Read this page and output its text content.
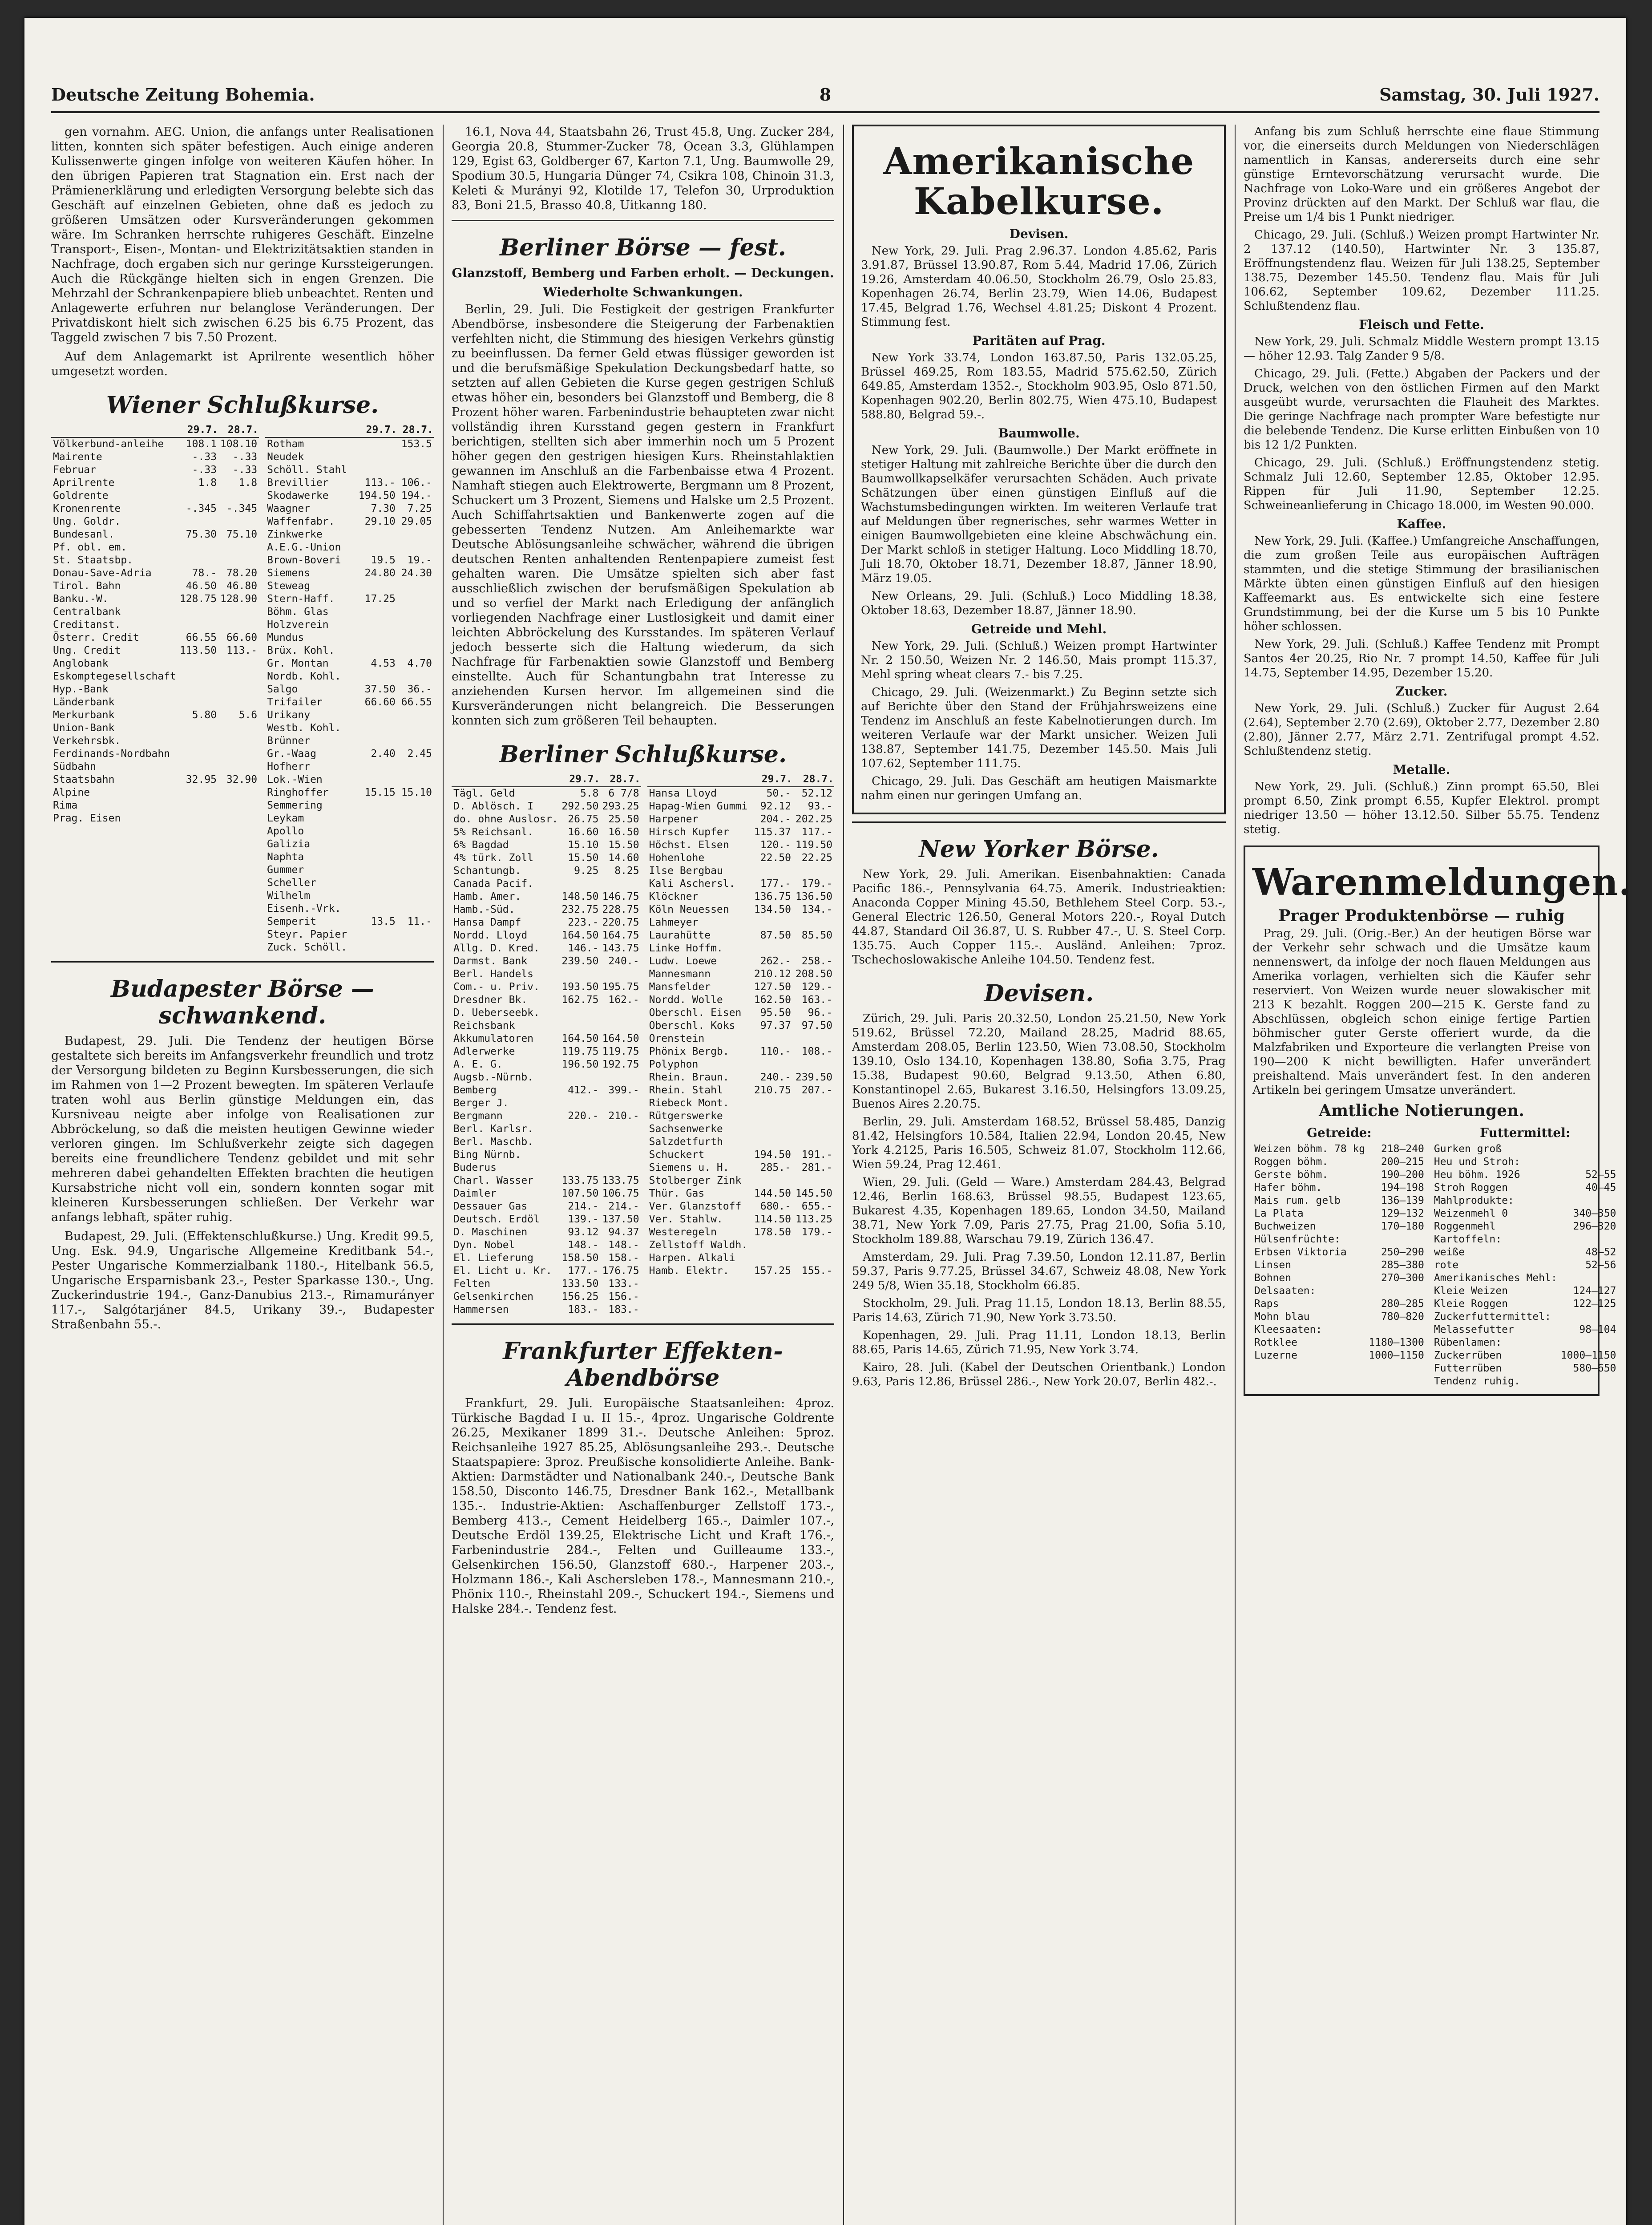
Deutsche Zeitung Bohemia.	8	Samstag, 30. Juli 1927.

gen vornahm. AEG. Union, die anfangs unter Realisationen litten, konnten sich später befestigen. Auch einige anderen Kulissenwerte gingen infolge von weiteren Käufen höher. In den übrigen Papieren trat Stagnation ein. Erst nach der Prämienerklärung und erledigten Versorgung belebte sich das Geschäft auf einzelnen Gebieten, ohne daß es jedoch zu größeren Umsätzen oder Kursveränderungen gekommen wäre. Im Schranken herrschte ruhigeres Geschäft. Einzelne Transport-, Eisen-, Montan- und Elektrizitätsaktien standen in Nachfrage, doch ergaben sich nur geringe Kurssteigerungen. Auch die Rückgänge hielten sich in engen Grenzen. Die Mehrzahl der Schrankenpapiere blieb unbeachtet. Renten und Anlagewerte erfuhren nur belanglose Veränderungen. Der Privatdiskont hielt sich zwischen 6.25 bis 6.75 Prozent, das Taggeld zwischen 7 bis 7.50 Prozent.

Auf dem Anlagemarkt ist Aprilrente wesentlich höher umgesetzt worden.

Wiener Schlußkurse.
	29.7.	28.7.
Völkerbund-anleihe	108.1	108.10
Mairente	-.33	-.33
Februar	-.33	-.33
Aprilrente	1.8	1.8
Goldrente		
Kronenrente	-.345	-.345
Ung. Goldr.		
Bundesanl.	75.30	75.10
Pf. obl. em.		
St. Staatsbp.		
Donau-Save-Adria	78.-	78.20
Tirol. Bahn	46.50	46.80
Banku.-W.	128.75	128.90
Centralbank		
Creditanst.		
Österr. Credit	66.55	66.60
Ung. Credit	113.50	113.-
Anglobank		
Eskomptegesellschaft		
Hyp.-Bank		
Länderbank		
Merkurbank	5.80	5.6
Union-Bank		
Verkehrsbk.		
Ferdinands-Nordbahn		
Südbahn		
Staatsbahn	32.95	32.90
Alpine		
Rima		
Prag. Eisen		
	29.7.	28.7.
Rotham		153.5
Neudek		
Schöll. Stahl		
Brevillier	113.-	106.-
Skodawerke	194.50	194.-
Waagner	7.30	7.25
Waffenfabr.	29.10	29.05
Zinkwerke		
A.E.G.-Union		
Brown-Boveri	19.5	19.-
Siemens	24.80	24.30
Steweag		
Stern-Haff.	17.25	
Böhm. Glas		
Holzverein		
Mundus		
Brüx. Kohl.		
Gr. Montan	4.53	4.70
Nordb. Kohl.		
Salgo	37.50	36.-
Trifailer	66.60	66.55
Urikany		
Westb. Kohl.		
Brünner		
Gr.-Waag	2.40	2.45
Hofherr		
Lok.-Wien		
Ringhoffer	15.15	15.10
Semmering		
Leykam		
Apollo		
Galizia		
Naphta		
Gummer		
Scheller		
Wilhelm		
Eisenh.-Vrk.		
Semperit	13.5	11.-
Steyr. Papier		
Zuck. Schöll.		
Budapester Börse — schwankend.

Budapest, 29. Juli. Die Tendenz der heutigen Börse gestaltete sich bereits im Anfangsverkehr freundlich und trotz der Versorgung bildeten zu Beginn Kursbesserungen, die sich im Rahmen von 1—2 Prozent bewegten. Im späteren Verlaufe traten wohl aus Berlin günstige Meldungen ein, das Kursniveau neigte aber infolge von Realisationen zur Abbröckelung, so daß die meisten heutigen Gewinne wieder verloren gingen. Im Schlußverkehr zeigte sich dagegen bereits eine freundlichere Tendenz gebildet und mit sehr mehreren dabei gehandelten Effekten brachten die heutigen Kursabstriche nicht voll ein, sondern konnten sogar mit kleineren Kursbesserungen schließen. Der Verkehr war anfangs lebhaft, später ruhig.

Budapest, 29. Juli. (Effektenschlußkurse.) Ung. Kredit 99.5, Ung. Esk. 94.9, Ungarische Allgemeine Kreditbank 54.-, Pester Ungarische Kommerzialbank 1180.-, Hitelbank 56.5, Ungarische Ersparnisbank 23.-, Pester Sparkasse 130.-, Ung. Zuckerindustrie 194.-, Ganz-Danubius 213.-, Rimamurányer 117.-, Salgótarjáner 84.5, Urikany 39.-, Budapester Straßenbahn 55.-.

16.1, Nova 44, Staatsbahn 26, Trust 45.8, Ung. Zucker 284, Georgia 20.8, Stummer-Zucker 78, Ocean 3.3, Glühlampen 129, Egist 63, Goldberger 67, Karton 7.1, Ung. Baumwolle 29, Spodium 30.5, Hungaria Dünger 74, Csikra 108, Chinoin 31.3, Keleti & Murányi 92, Klotilde 17, Telefon 30, Urproduktion 83, Boni 21.5, Brasso 40.8, Uitkanng 180.

Berliner Börse — fest.
Glanzstoff, Bemberg und Farben erholt. — Deckungen.
Wiederholte Schwankungen.

Berlin, 29. Juli. Die Festigkeit der gestrigen Frankfurter Abendbörse, insbesondere die Steigerung der Farbenaktien verfehlten nicht, die Stimmung des hiesigen Verkehrs günstig zu beeinflussen. Da ferner Geld etwas flüssiger geworden ist und die berufsmäßige Spekulation Deckungsbedarf hatte, so setzten auf allen Gebieten die Kurse gegen gestrigen Schluß etwas höher ein, besonders bei Glanzstoff und Bemberg, die 8 Prozent höher waren. Farbenindustrie behaupteten zwar nicht vollständig ihren Kursstand gegen gestern in Frankfurt berichtigen, stellten sich aber immerhin noch um 5 Prozent höher gegen den gestrigen hiesigen Kurs. Rheinstahlaktien gewannen im Anschluß an die Farbenbaisse etwa 4 Prozent. Namhaft stiegen auch Elektrowerte, Bergmann um 8 Prozent, Schuckert um 3 Prozent, Siemens und Halske um 2.5 Prozent. Auch Schiffahrtsaktien und Bankenwerte zogen auf die gebesserten Tendenz Nutzen. Am Anleihemarkte war Deutsche Ablösungsanleihe schwächer, während die übrigen deutschen Renten anhaltenden Rentenpapiere zumeist fest gehalten waren. Die Umsätze spielten sich aber fast ausschließlich zwischen der berufsmäßigen Spekulation ab und so verfiel der Markt nach Erledigung der anfänglich vorliegenden Nachfrage einer Lustlosigkeit und damit einer leichten Abbröckelung des Kursstandes. Im späteren Verlauf jedoch besserte sich die Haltung wiederum, da sich Nachfrage für Farbenaktien sowie Glanzstoff und Bemberg einstellte. Auch für Schantungbahn trat Interesse zu anziehenden Kursen hervor. Im allgemeinen sind die Kursveränderungen nicht belangreich. Die Besserungen konnten sich zum größeren Teil behaupten.

Berliner Schlußkurse.
	29.7.	28.7.
Tägl. Geld	5.8	6 7/8
D. Ablösch. I	292.50	293.25
do. ohne Auslosr.	26.75	25.50
5% Reichsanl.	16.60	16.50
6% Bagdad	15.10	15.50
4% türk. Zoll	15.50	14.60
Schantungb.	9.25	8.25
Canada Pacif.		
Hamb. Amer.	148.50	146.75
Hamb.-Süd.	232.75	228.75
Hansa Dampf	223.-	220.75
Nordd. Lloyd	164.50	164.75
Allg. D. Kred.	146.-	143.75
Darmst. Bank	239.50	240.-
Berl. Handels		
Com.- u. Priv.	193.50	195.75
Dresdner Bk.	162.75	162.-
D. Ueberseebk.		
Reichsbank		
Akkumulatoren	164.50	164.50
Adlerwerke	119.75	119.75
A. E. G.	196.50	192.75
Augsb.-Nürnb.		
Bemberg	412.-	399.-
Berger J.		
Bergmann	220.-	210.-
Berl. Karlsr.		
Berl. Maschb.		
Bing Nürnb.		
Buderus		
Charl. Wasser	133.75	133.75
Daimler	107.50	106.75
Dessauer Gas	214.-	214.-
Deutsch. Erdöl	139.-	137.50
D. Maschinen	93.12	94.37
Dyn. Nobel	148.-	148.-
El. Lieferung	158.50	158.-
El. Licht u. Kr.	177.-	176.75
Felten	133.50	133.-
Gelsenkirchen	156.25	156.-
Hammersen	183.-	183.-
	29.7.	28.7.
Hansa Lloyd	50.-	52.12
Hapag-Wien Gummi	92.12	93.-
Harpener	204.-	202.25
Hirsch Kupfer	115.37	117.-
Höchst. Elsen	120.-	119.50
Hohenlohe	22.50	22.25
Ilse Bergbau		
Kali Aschersl.	177.-	179.-
Klöckner	136.75	136.50
Köln Neuessen	134.50	134.-
Lahmeyer		
Laurahütte	87.50	85.50
Linke Hoffm.		
Ludw. Loewe	262.-	258.-
Mannesmann	210.12	208.50
Mansfelder	127.50	129.-
Nordd. Wolle	162.50	163.-
Oberschl. Eisen	95.50	96.-
Oberschl. Koks	97.37	97.50
Orenstein		
Phönix Bergb.	110.-	108.-
Polyphon		
Rhein. Braun.	240.-	239.50
Rhein. Stahl	210.75	207.-
Riebeck Mont.		
Rütgerswerke		
Sachsenwerke		
Salzdetfurth		
Schuckert	194.50	191.-
Siemens u. H.	285.-	281.-
Stolberger Zink		
Thür. Gas	144.50	145.50
Ver. Glanzstoff	680.-	655.-
Ver. Stahlw.	114.50	113.25
Westeregeln	178.50	179.-
Zellstoff Waldh.		
Harpen. Alkali		
Hamb. Elektr.	157.25	155.-
Frankfurter Effekten-Abendbörse

Frankfurt, 29. Juli. Europäische Staatsanleihen: 4proz. Türkische Bagdad I u. II 15.-, 4proz. Ungarische Goldrente 26.25, Mexikaner 1899 31.-. Deutsche Anleihen: 5proz. Reichsanleihe 1927 85.25, Ablösungsanleihe 293.-. Deutsche Staatspapiere: 3proz. Preußische konsolidierte Anleihe. Bank-Aktien: Darmstädter und Nationalbank 240.-, Deutsche Bank 158.50, Disconto 146.75, Dresdner Bank 162.-, Metallbank 135.-. Industrie-Aktien: Aschaffenburger Zellstoff 173.-, Bemberg 413.-, Cement Heidelberg 165.-, Daimler 107.-, Deutsche Erdöl 139.25, Elektrische Licht und Kraft 176.-, Farbenindustrie 284.-, Felten und Guilleaume 133.-, Gelsenkirchen 156.50, Glanzstoff 680.-, Harpener 203.-, Holzmann 186.-, Kali Aschersleben 178.-, Mannesmann 210.-, Phönix 110.-, Rheinstahl 209.-, Schuckert 194.-, Siemens und Halske 284.-. Tendenz fest.

Amerikanische Kabelkurse.
Devisen.

New York, 29. Juli. Prag 2.96.37. London 4.85.62, Paris 3.91.87, Brüssel 13.90.87, Rom 5.44, Madrid 17.06, Zürich 19.26, Amsterdam 40.06.50, Stockholm 26.79, Oslo 25.83, Kopenhagen 26.74, Berlin 23.79, Wien 14.06, Budapest 17.45, Belgrad 1.76, Wechsel 4.81.25; Diskont 4 Prozent. Stimmung fest.

Paritäten auf Prag.

New York 33.74, London 163.87.50, Paris 132.05.25, Brüssel 469.25, Rom 183.55, Madrid 575.62.50, Zürich 649.85, Amsterdam 1352.-, Stockholm 903.95, Oslo 871.50, Kopenhagen 902.20, Berlin 802.75, Wien 475.10, Budapest 588.80, Belgrad 59.-.

Baumwolle.

New York, 29. Juli. (Baumwolle.) Der Markt eröffnete in stetiger Haltung mit zahlreiche Berichte über die durch den Baumwollkapselkäfer verursachten Schäden. Auch private Schätzungen über einen günstigen Einfluß auf die Wachstumsbedingungen wirkten. Im weiteren Verlaufe trat auf Meldungen über regnerisches, sehr warmes Wetter in einigen Baumwollgebieten eine kleine Abschwächung ein. Der Markt schloß in stetiger Haltung. Loco Middling 18.70, Juli 18.70, Oktober 18.71, Dezember 18.87, Jänner 18.90, März 19.05.

New Orleans, 29. Juli. (Schluß.) Loco Middling 18.38, Oktober 18.63, Dezember 18.87, Jänner 18.90.

Getreide und Mehl.

New York, 29. Juli. (Schluß.) Weizen prompt Hartwinter Nr. 2 150.50, Weizen Nr. 2 146.50, Mais prompt 115.37, Mehl spring wheat clears 7.- bis 7.25.

Chicago, 29. Juli. (Weizenmarkt.) Zu Beginn setzte sich auf Berichte über den Stand der Frühjahrsweizens eine Tendenz im Anschluß an feste Kabelnotierungen durch. Im weiteren Verlaufe war der Markt unsicher. Weizen Juli 138.87, September 141.75, Dezember 145.50. Mais Juli 107.62, September 111.75.

Chicago, 29. Juli. Das Geschäft am heutigen Maismarkte nahm einen nur geringen Umfang an.

New Yorker Börse.

New York, 29. Juli. Amerikan. Eisenbahnaktien: Canada Pacific 186.-, Pennsylvania 64.75. Amerik. Industrieaktien: Anaconda Copper Mining 45.50, Bethlehem Steel Corp. 53.-, General Electric 126.50, General Motors 220.-, Royal Dutch 44.87, Standard Oil 36.87, U. S. Rubber 47.-, U. S. Steel Corp. 135.75. Auch Copper 115.-. Ausländ. Anleihen: 7proz. Tschechoslowakische Anleihe 104.50. Tendenz fest.

Devisen.

Zürich, 29. Juli. Paris 20.32.50, London 25.21.50, New York 519.62, Brüssel 72.20, Mailand 28.25, Madrid 88.65, Amsterdam 208.05, Berlin 123.50, Wien 73.08.50, Stockholm 139.10, Oslo 134.10, Kopenhagen 138.80, Sofia 3.75, Prag 15.38, Budapest 90.60, Belgrad 9.13.50, Athen 6.80, Konstantinopel 2.65, Bukarest 3.16.50, Helsingfors 13.09.25, Buenos Aires 2.20.75.

Berlin, 29. Juli. Amsterdam 168.52, Brüssel 58.485, Danzig 81.42, Helsingfors 10.584, Italien 22.94, London 20.45, New York 4.2125, Paris 16.505, Schweiz 81.07, Stockholm 112.66, Wien 59.24, Prag 12.461.

Wien, 29. Juli. (Geld — Ware.) Amsterdam 284.43, Belgrad 12.46, Berlin 168.63, Brüssel 98.55, Budapest 123.65, Bukarest 4.35, Kopenhagen 189.65, London 34.50, Mailand 38.71, New York 7.09, Paris 27.75, Prag 21.00, Sofia 5.10, Stockholm 189.88, Warschau 79.19, Zürich 136.47.

Amsterdam, 29. Juli. Prag 7.39.50, London 12.11.87, Berlin 59.37, Paris 9.77.25, Brüssel 34.67, Schweiz 48.08, New York 249 5/8, Wien 35.18, Stockholm 66.85.

Stockholm, 29. Juli. Prag 11.15, London 18.13, Berlin 88.55, Paris 14.63, Zürich 71.90, New York 3.73.50.

Kopenhagen, 29. Juli. Prag 11.11, London 18.13, Berlin 88.65, Paris 14.65, Zürich 71.95, New York 3.74.

Kairo, 28. Juli. (Kabel der Deutschen Orientbank.) London 9.63, Paris 12.86, Brüssel 286.-, New York 20.07, Berlin 482.-.

Anfang bis zum Schluß herrschte eine flaue Stimmung vor, die einerseits durch Meldungen von Niederschlägen namentlich in Kansas, andererseits durch eine sehr günstige Erntevorschätzung verursacht wurde. Die Nachfrage von Loko-Ware und ein größeres Angebot der Provinz drückten auf den Markt. Der Schluß war flau, die Preise um 1/4 bis 1 Punkt niedriger.

Chicago, 29. Juli. (Schluß.) Weizen prompt Hartwinter Nr. 2 137.12 (140.50), Hartwinter Nr. 3 135.87, Eröffnungstendenz flau. Weizen für Juli 138.25, September 138.75, Dezember 145.50. Tendenz flau. Mais für Juli 106.62, September 109.62, Dezember 111.25. Schlußtendenz flau.

Fleisch und Fette.

New York, 29. Juli. Schmalz Middle Western prompt 13.15 — höher 12.93. Talg Zander 9 5/8.

Chicago, 29. Juli. (Fette.) Abgaben der Packers und der Druck, welchen von den östlichen Firmen auf den Markt ausgeübt wurde, verursachten die Flauheit des Marktes. Die geringe Nachfrage nach prompter Ware befestigte nur die belebende Tendenz. Die Kurse erlitten Einbußen von 10 bis 12 1/2 Punkten.

Chicago, 29. Juli. (Schluß.) Eröffnungstendenz stetig. Schmalz Juli 12.60, September 12.85, Oktober 12.95. Rippen für Juli 11.90, September 12.25. Schweineanlieferung in Chicago 18.000, im Westen 90.000.

Kaffee.

New York, 29. Juli. (Kaffee.) Umfangreiche Anschaffungen, die zum großen Teile aus europäischen Aufträgen stammten, und die stetige Stimmung der brasilianischen Märkte übten einen günstigen Einfluß auf den hiesigen Kaffeemarkt aus. Es entwickelte sich eine festere Grundstimmung, bei der die Kurse um 5 bis 10 Punkte höher schlossen.

New York, 29. Juli. (Schluß.) Kaffee Tendenz mit Prompt Santos 4er 20.25, Rio Nr. 7 prompt 14.50, Kaffee für Juli 14.75, September 14.95, Dezember 15.20.

Zucker.

New York, 29. Juli. (Schluß.) Zucker für August 2.64 (2.64), September 2.70 (2.69), Oktober 2.77, Dezember 2.80 (2.80), Jänner 2.77, März 2.71. Zentrifugal prompt 4.52. Schlußtendenz stetig.

Metalle.

New York, 29. Juli. (Schluß.) Zinn prompt 65.50, Blei prompt 6.50, Zink prompt 6.55, Kupfer Elektrol. prompt niedriger 13.50 — höher 13.12.50. Silber 55.75. Tendenz stetig.

Warenmeldungen.
Prager Produktenbörse — ruhig

Prag, 29. Juli. (Orig.-Ber.) An der heutigen Börse war der Verkehr sehr schwach und die Umsätze kaum nennenswert, da infolge der noch flauen Meldungen aus Amerika vorlagen, verhielten sich die Käufer sehr reserviert. Von Weizen wurde neuer slowakischer mit 213 K bezahlt. Roggen 200—215 K. Gerste fand zu Abschlüssen, obgleich schon einige fertige Partien böhmischer guter Gerste offeriert wurde, da die Malzfabriken und Exporteure die verlangten Preise von 190—200 K nicht bewilligten. Hafer unverändert preishaltend. Mais unverändert fest. In den anderen Artikeln bei geringem Umsatze unverändert.

Amtliche Notierungen.
Getreide:
Weizen böhm. 78 kg	218—240
Roggen böhm.	200—215
Gerste böhm.	190—200
Hafer böhm.	194—198
Mais rum. gelb	136—139
La Plata	129—132
Buchweizen	170—180
Hülsenfrüchte:	
Erbsen Viktoria	250—290
Linsen	285—380
Bohnen	270—300
Delsaaten:	
Raps	280—285
Mohn blau	780—820
Kleesaaten:	
Rotklee	1180—1300
Luzerne	1000—1150
Futtermittel:
Gurken groß	
Heu und Stroh:	
Heu böhm. 1926	52—55
Stroh Roggen	40—45
Mahlprodukte:	
Weizenmehl 0	340—350
Roggenmehl	296—320
Kartoffeln:	
weiße	48—52
rote	52—56
Amerikanisches Mehl:	
Kleie Weizen	124—127
Kleie Roggen	122—125
Zuckerfuttermittel:	
Melassefutter	98—104
Rübenlamen:	
Zuckerrüben	1000—1150
Futterrüben	580—650
Tendenz ruhig.	
